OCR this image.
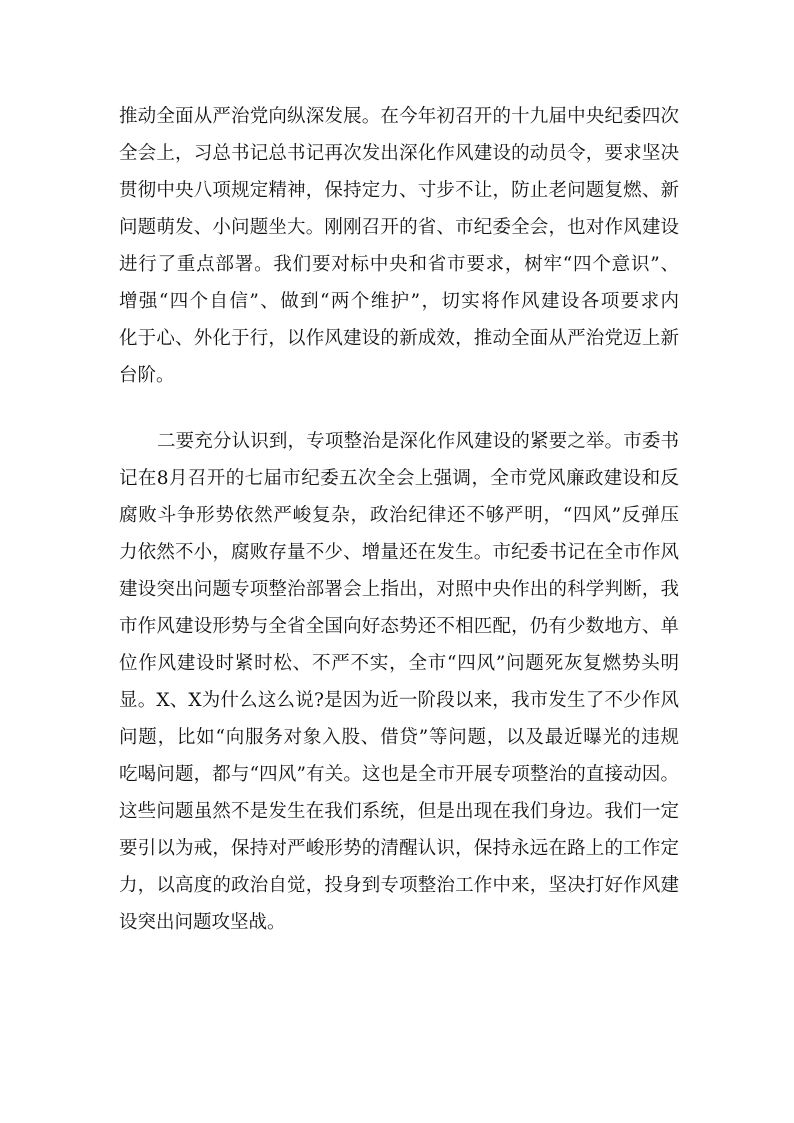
推动全面从严治党向纵深发展。在今年初召开的十九届中央纪委四次
全会上，习总书记总书记再次发出深化作风建设的动员令，要求坚决
贯彻中央八项规定精神，保持定力、寸步不让，防止老问题复燃、新
问题萌发、小问题坐大。刚刚召开的省、市纪委全会，也对作风建设
进行了重点部署。我们要对标中央和省市要求，树牢“四个意识”、
增强“四个自信”、做到“两个维护”，切实将作风建设各项要求内
化于心、外化于行，以作风建设的新成效，推动全面从严治党迈上新
台阶。
二要充分认识到，专项整治是深化作风建设的紧要之举。市委书
记在8月召开的七届市纪委五次全会上强调，全市党风廉政建设和反
腐败斗争形势依然严峻复杂，政治纪律还不够严明，“四风”反弹压
力依然不小，腐败存量不少、增量还在发生。市纪委书记在全市作风
建设突出问题专项整治部署会上指出，对照中央作出的科学判断，我
市作风建设形势与全省全国向好态势还不相匹配，仍有少数地方、单
位作风建设时紧时松、不严不实，全市“四风”问题死灰复燃势头明
显。X、X为什么这么说?是因为近一阶段以来，我市发生了不少作风
问题，比如“向服务对象入股、借贷”等问题，以及最近曝光的违规
吃喝问题，都与“四风”有关。这也是全市开展专项整治的直接动因。
这些问题虽然不是发生在我们系统，但是出现在我们身边。我们一定
要引以为戒，保持对严峻形势的清醒认识，保持永远在路上的工作定
力，以高度的政治自觉，投身到专项整治工作中来，坚决打好作风建
设突出问题攻坚战。
